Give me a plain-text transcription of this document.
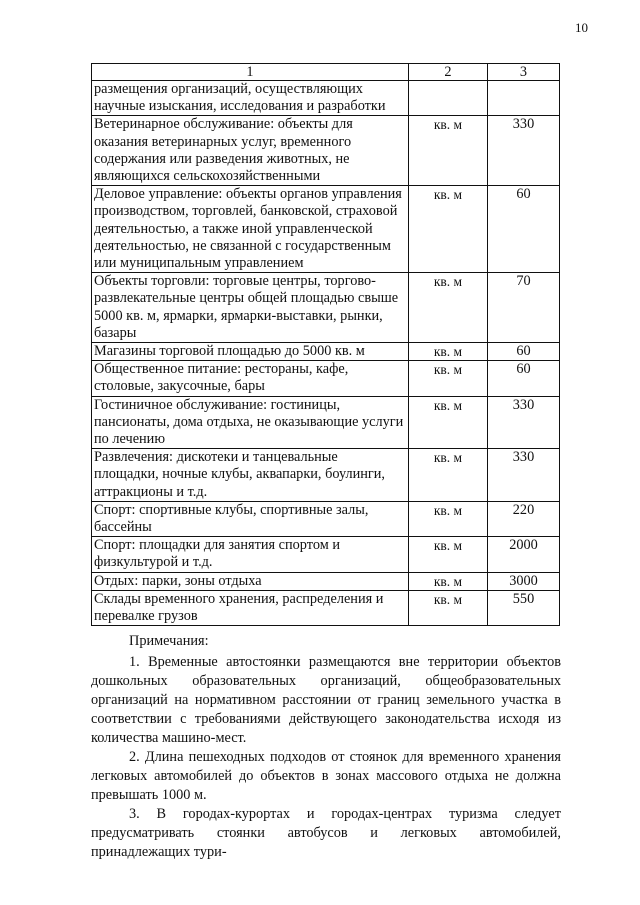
10
1	2	3
размещения организаций, осуществляющих научные изыскания, исследования и разработки		
Ветеринарное обслуживание: объекты для оказания ветеринарных услуг, временного содержания или разведения животных, не являющихся сельскохозяйственными	кв. м	330
Деловое управление: объекты органов управления производством, торговлей, банковской, страховой деятельностью, а также иной управленческой деятельностью, не связанной с государственным или муниципальным управлением	кв. м	60
Объекты торговли: торговые центры, торгово-развлекательные центры общей площадью свыше 5000 кв. м, ярмарки, ярмарки-выставки, рынки, базары	кв. м	70
Магазины торговой площадью до 5000 кв. м	кв. м	60
Общественное питание: рестораны, кафе, столовые, закусочные, бары	кв. м	60
Гостиничное обслуживание: гостиницы, пансионаты, дома отдыха, не оказывающие услуги по лечению	кв. м	330
Развлечения: дискотеки и танцевальные площадки, ночные клубы, аквапарки, боулинги, аттракционы и т.д.	кв. м	330
Спорт: спортивные клубы, спортивные залы, бассейны	кв. м	220
Спорт: площадки для занятия спортом и физкультурой и т.д.	кв. м	2000
Отдых: парки, зоны отдыха	кв. м	3000
Склады временного хранения, распределения и перевалке грузов	кв. м	550

Примечания:

1. Временные автостоянки размещаются вне территории объектов дошкольных образовательных организаций, общеобразовательных организаций на нормативном расстоянии от границ земельного участка в соответствии с требованиями действующего законодательства исходя из количества машино-мест.

2. Длина пешеходных подходов от стоянок для временного хранения легковых автомобилей до объектов в зонах массового отдыха не должна превышать 1000 м.

3. В городах-курортах и городах-центрах туризма следует предусматривать стоянки автобусов и легковых автомобилей, принадлежащих тури-
